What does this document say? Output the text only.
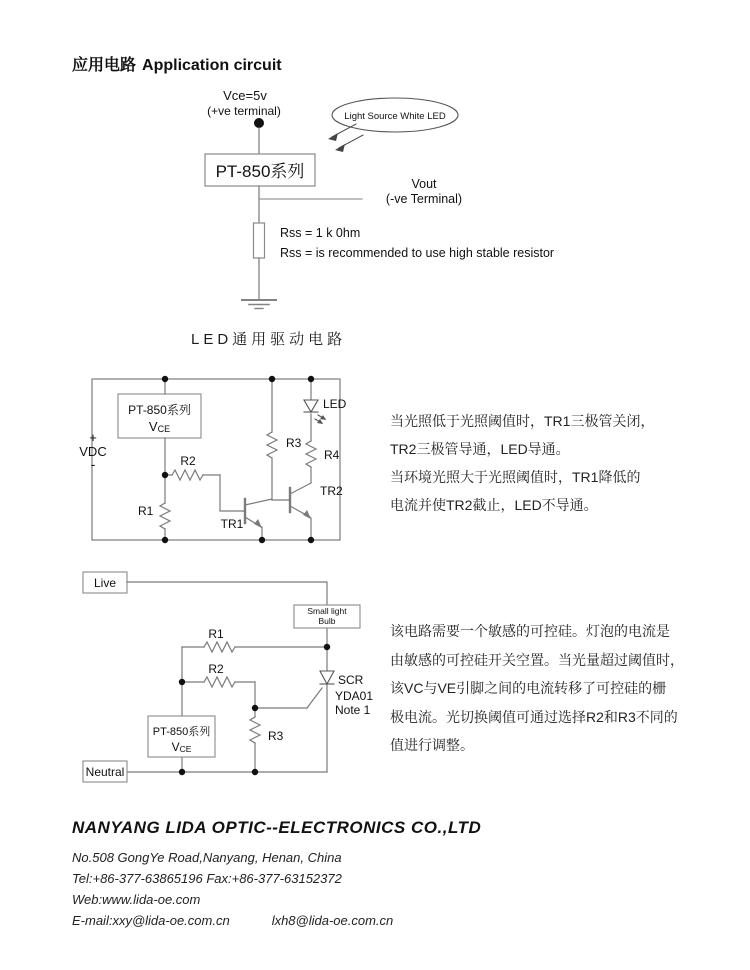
应用电路 Application circuit
Vce=5v
(+ve terminal)
PT-850系列
Light Source White LED
Vout
(-ve Terminal)
Rss = 1 k 0hm
Rss = is recommended to use high stable resistor
+
VDC
-
PT-850系列
VCE
R1
R2
R3
R4
TR1
TR2
LED
Live
Small light
Bulb
PT-850系列
VCE
Neutral
R1
R2
R3
SCR
YDA01
Note 1
LED通用驱动电路
当光照低于光照阈值时，TR1三极管关闭，
TR2三极管导通，LED导通。
当环境光照大于光照阈值时，TR1降低的
电流并使TR2截止，LED不导通。
该电路需要一个敏感的可控硅。灯泡的电流是
由敏感的可控硅开关空置。当光量超过阈值时，
该VC与VE引脚之间的电流转移了可控硅的栅
极电流。光切换阈值可通过选择R2和R3不同的
值进行调整。
NANYANG LIDA OPTIC--ELECTRONICS CO.,LTD
No.508 GongYe Road,Nanyang, Henan, China
Tel:+86-377-63865196 Fax:+86-377-63152372
Web:www.lida-oe.com
E-mail:xxy@lida-oe.com.cn	lxh8@lida-oe.com.cn
